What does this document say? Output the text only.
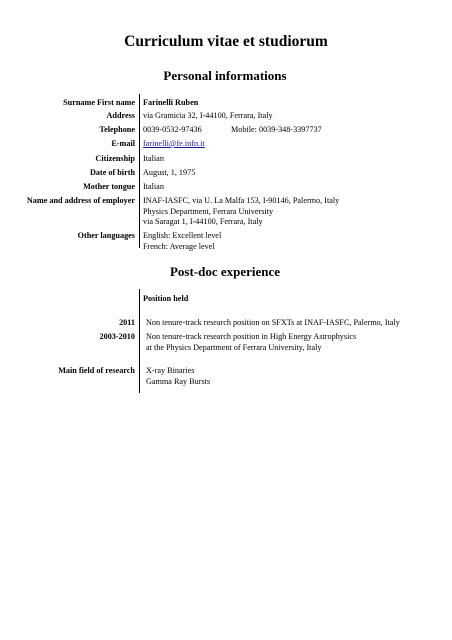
Curriculum vitae et studiorum
Personal informations
Surname First name Farinelli Ruben
Address via Gramicia 32, I-44100, Ferrara, Italy
Telephone 0039-0532-97436	Mobile: 0039-348-3397737
E-mail farinelli@fe.infn.it
Citizenship Italian
Date of birth August, 1, 1975
Mother tongue Italian
Name and address of employer INAF-IASFC, via U. La Malfa 153, I-90146, Palermo, Italy
Physics Department, Ferrara University
via Saragat 1, I-44100, Ferrara, Italy
Other languages English: Excellent level
French: Average level
Post-doc experience
Position held
2011 Non tenure-track research position on SFXTs at INAF-IASFC, Palermo, Italy
2003-2010 Non tenure-track research position in High Energy Astrophysics
at the Physics Department of Ferrara University, Italy
Main field of research X-ray Binaries
Gamma Ray Bursts
